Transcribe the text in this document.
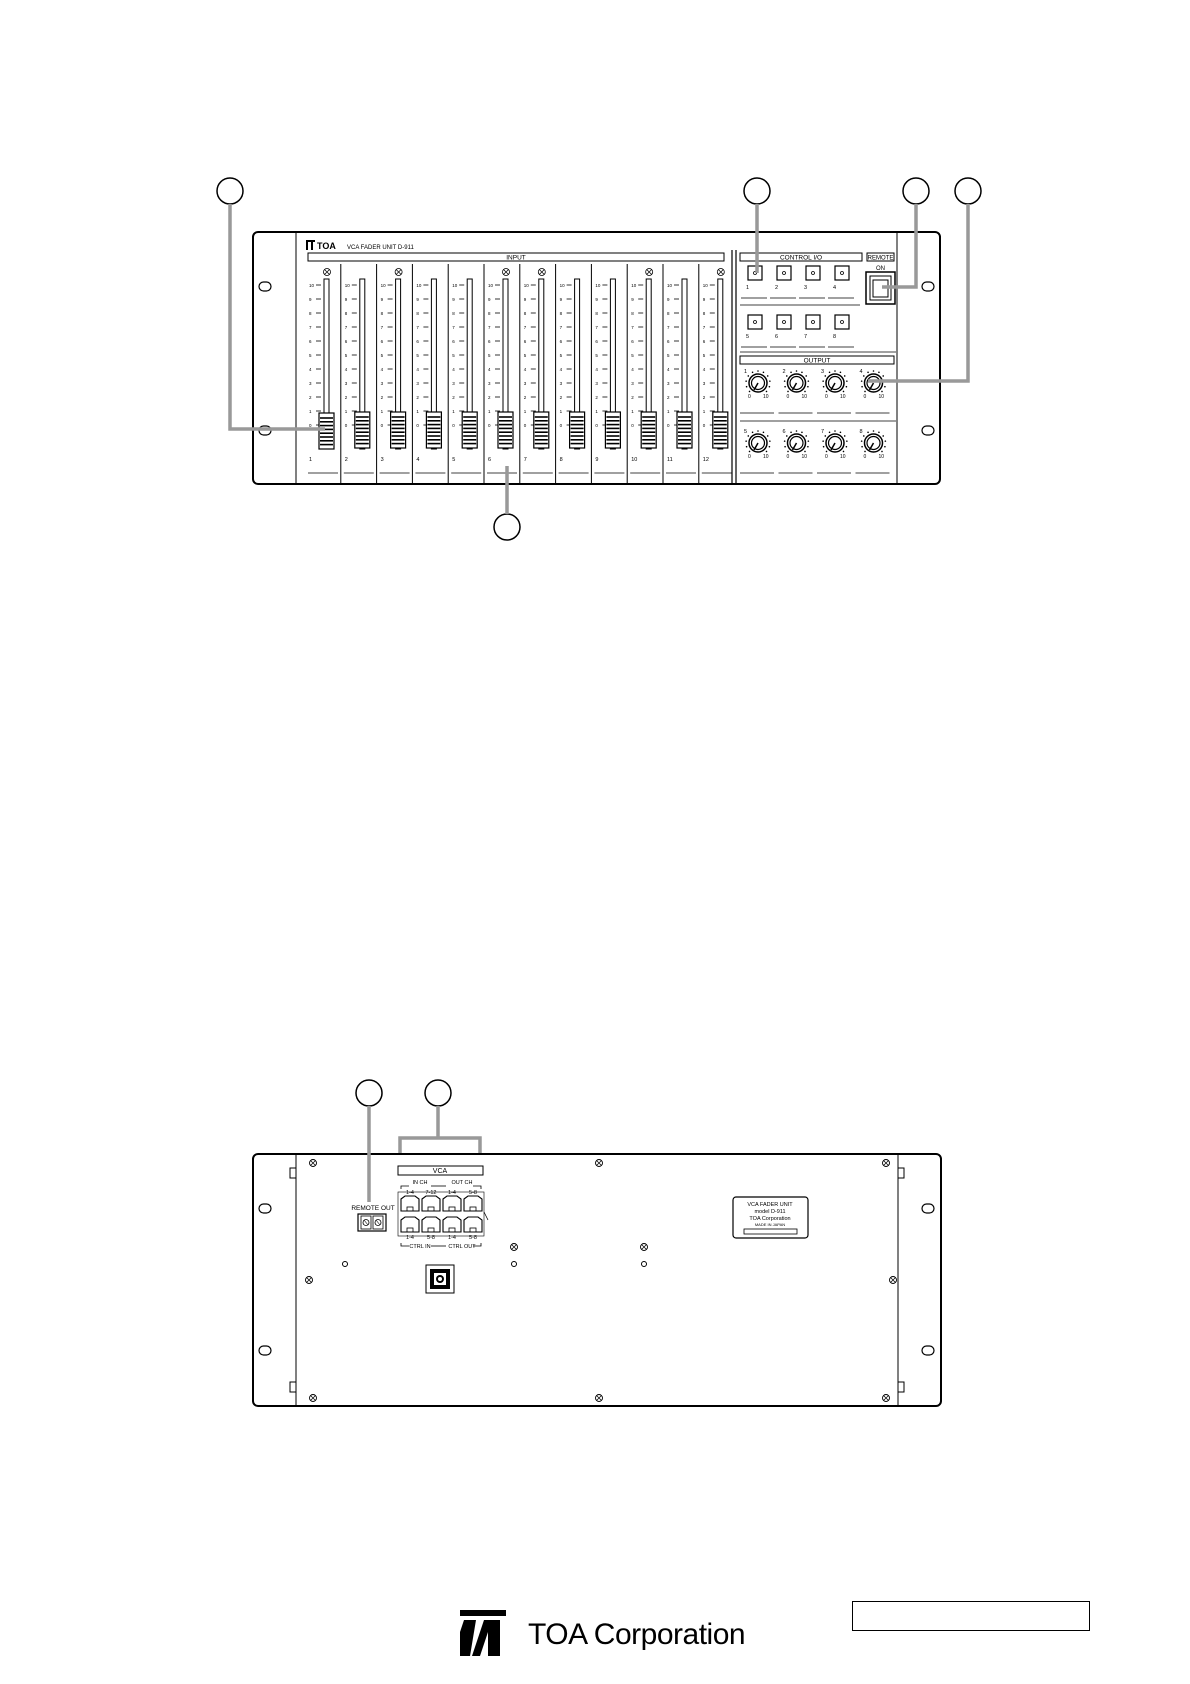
TOA VCA FADER UNIT D-911
INPUT
10
9
8
7
6
5
4
3
2
1
0
1
10
9
8
7
6
5
4
3
2
1
0
2
10
9
8
7
6
5
4
3
2
1
0
3
10
9
8
7
6
5
4
3
2
1
0
4
10
9
8
7
6
5
4
3
2
1
0
5
10
9
8
7
6
5
4
3
2
1
0
6
10
9
8
7
6
5
4
3
2
1
0
7
10
9
8
7
6
5
4
3
2
1
0
8
10
9
8
7
6
5
4
3
2
1
0
9
10
9
8
7
6
5
4
3
2
1
0
10
10
9
8
7
6
5
4
3
2
1
0
11
10
9
8
7
6
5
4
3
2
1
0
12
CONTROL I/O
1	2	3	4
5	6	7	8
REMOTE
ON
OUTPUT
1
0 10
2
0 10
3
0 10
4
0 10
5
0 10
6
0 10
7
0 10
8
0 10
VCA
IN CH	OUT CH
1-4 7-12 1-4 5-8
1-4 5-8 1-4 5-8
CTRL IN	CTRL OUT
REMOTE OUT	VCA FADER UNIT
model D-911
TOA Corporation
MADE IN JAPAN
TOA Corporation
